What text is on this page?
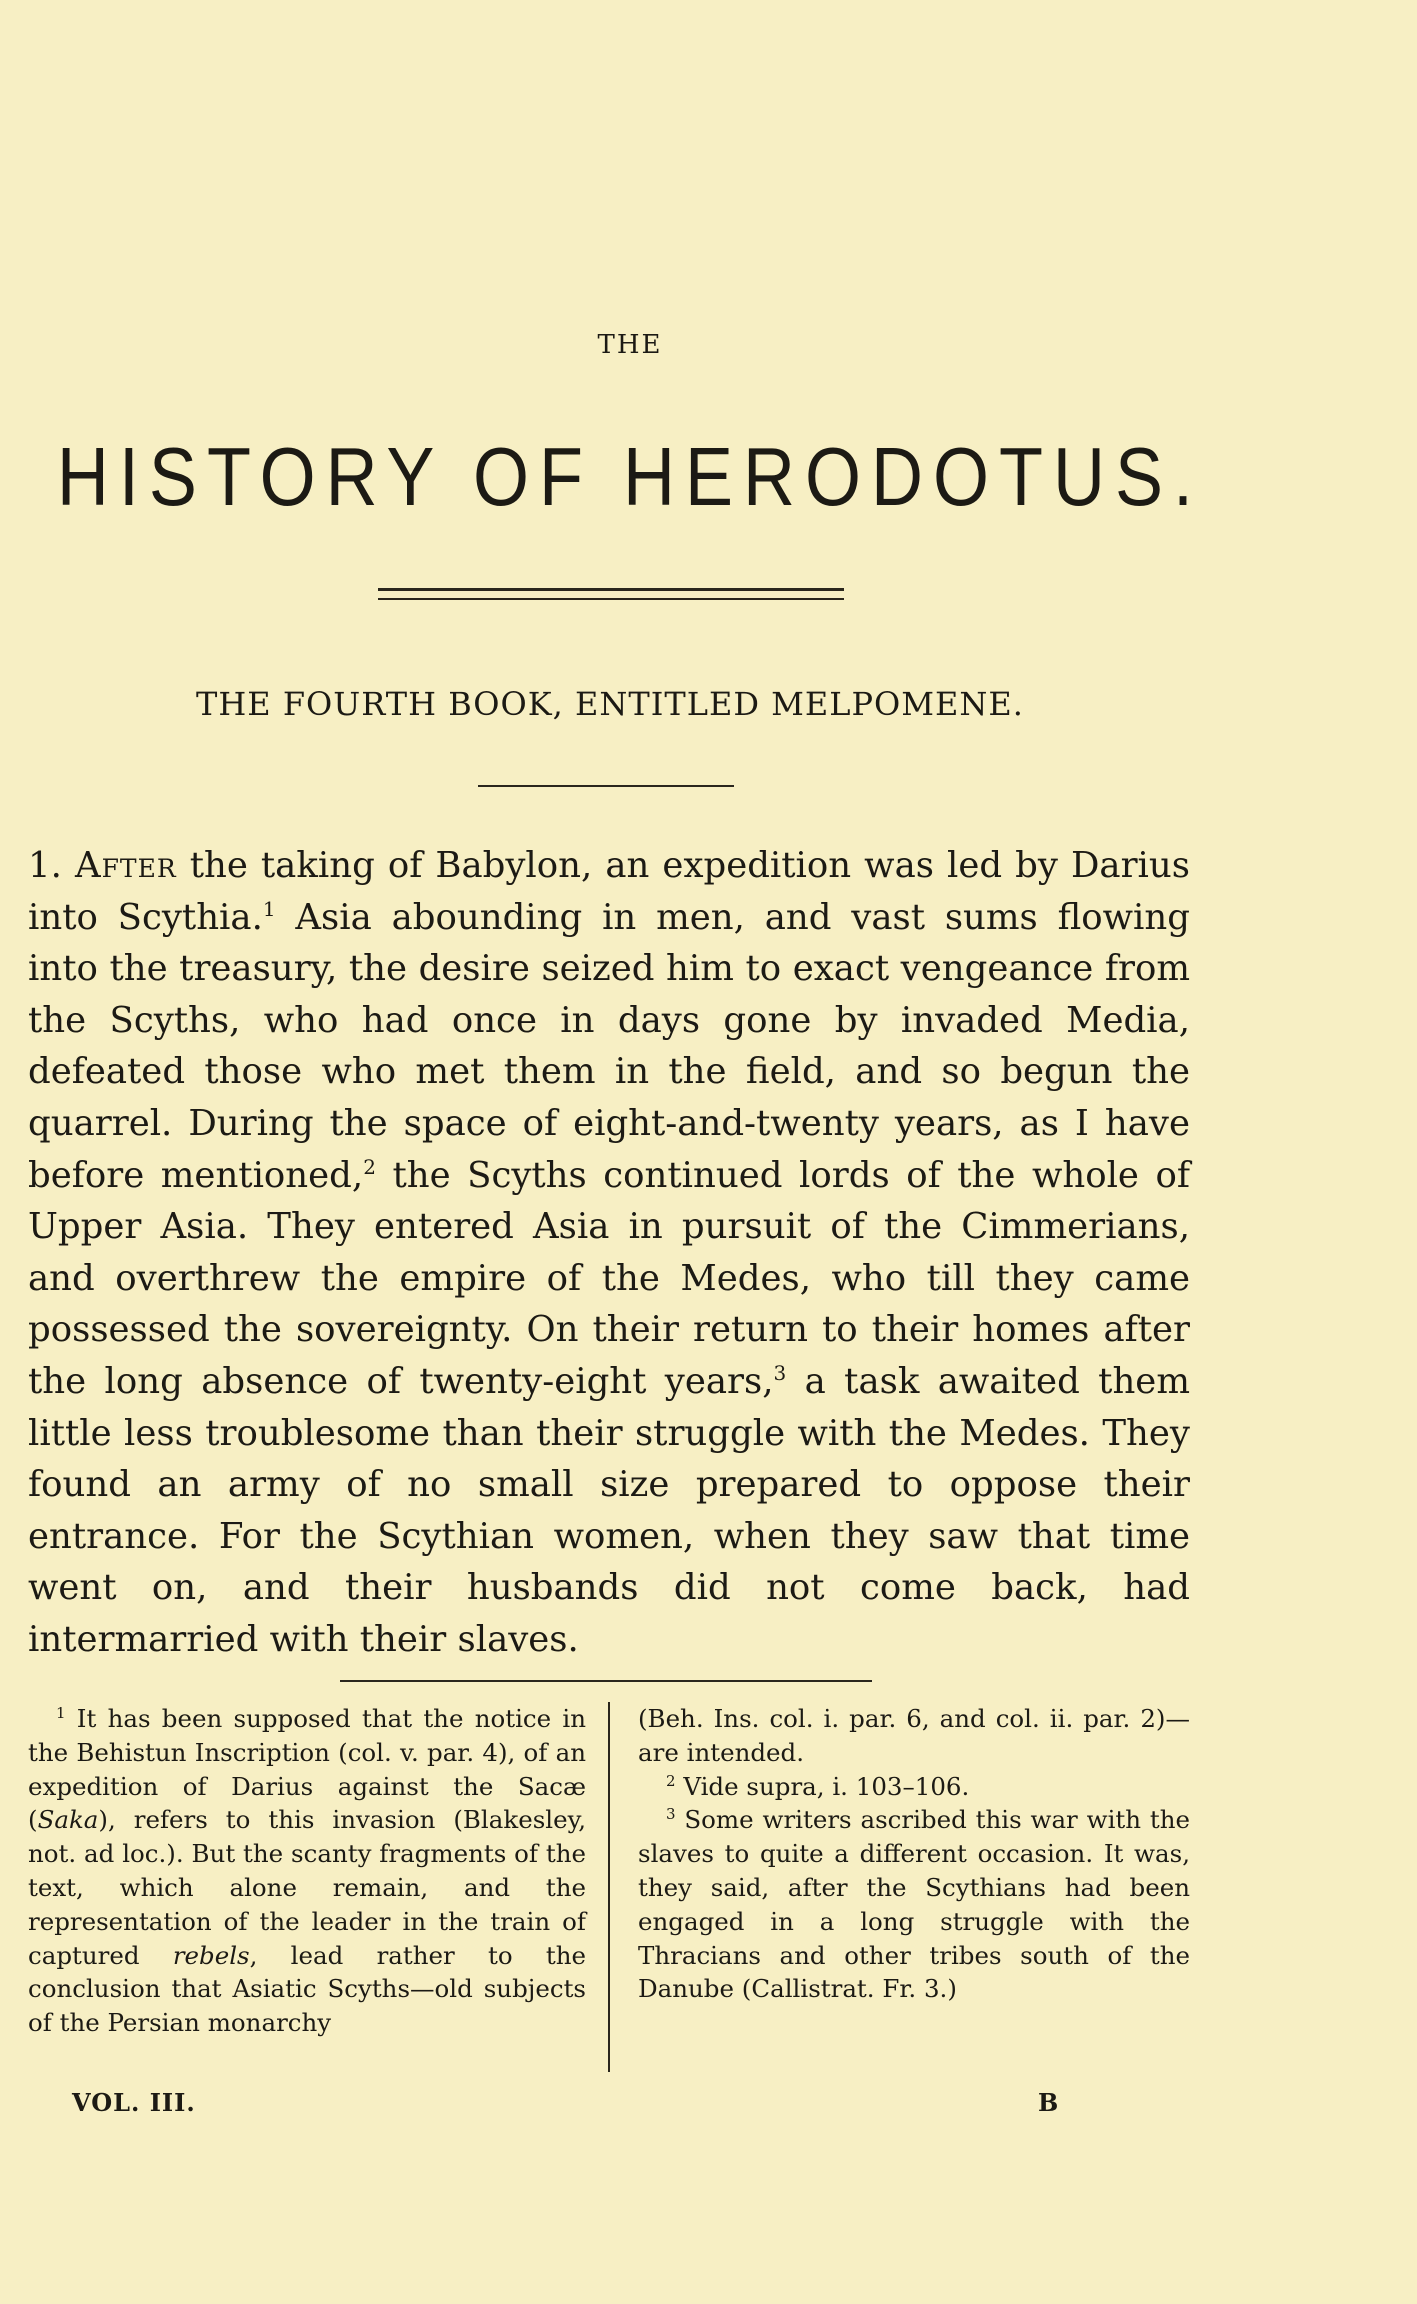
THE
HISTORY OF HERODOTUS.
THE FOURTH BOOK, ENTITLED MELPOMENE.
1. After the taking of Babylon, an expedition was led by Darius into Scythia.$^1$ Asia abounding in men, and vast sums flowing into the treasury, the desire seized him to exact vengeance from the Scyths, who had once in days gone by invaded Media, defeated those who met them in the field, and so begun the quarrel. During the space of eight-and-twenty years, as I have before mentioned,$^2$ the Scyths continued lords of the whole of Upper Asia. They entered Asia in pursuit of the Cimmerians, and overthrew the empire of the Medes, who till they came possessed the sovereignty. On their return to their homes after the long absence of twenty-eight years,$^3$ a task awaited them little less troublesome than their struggle with the Medes. They found an army of no small size prepared to oppose their entrance. For the Scythian women, when they saw that time went on, and their husbands did not come back, had intermarried with their slaves.

$^1$ It has been supposed that the notice in the Behistun Inscription (col. v. par. 4), of an expedition of Darius against the Sacæ (Saka), refers to this invasion (Blakesley, not. ad loc.). But the scanty fragments of the text, which alone remain, and the representation of the leader in the train of captured rebels, lead rather to the conclusion that Asiatic Scyths—old subjects of the Persian monarchy

(Beh. Ins. col. i. par. 6, and col. ii. par. 2)—are intended.

$^2$ Vide supra, i. 103–106.

$^3$ Some writers ascribed this war with the slaves to quite a different occasion. It was, they said, after the Scythians had been engaged in a long struggle with the Thracians and other tribes south of the Danube (Callistrat. Fr. 3.)

VOL. III.	B
